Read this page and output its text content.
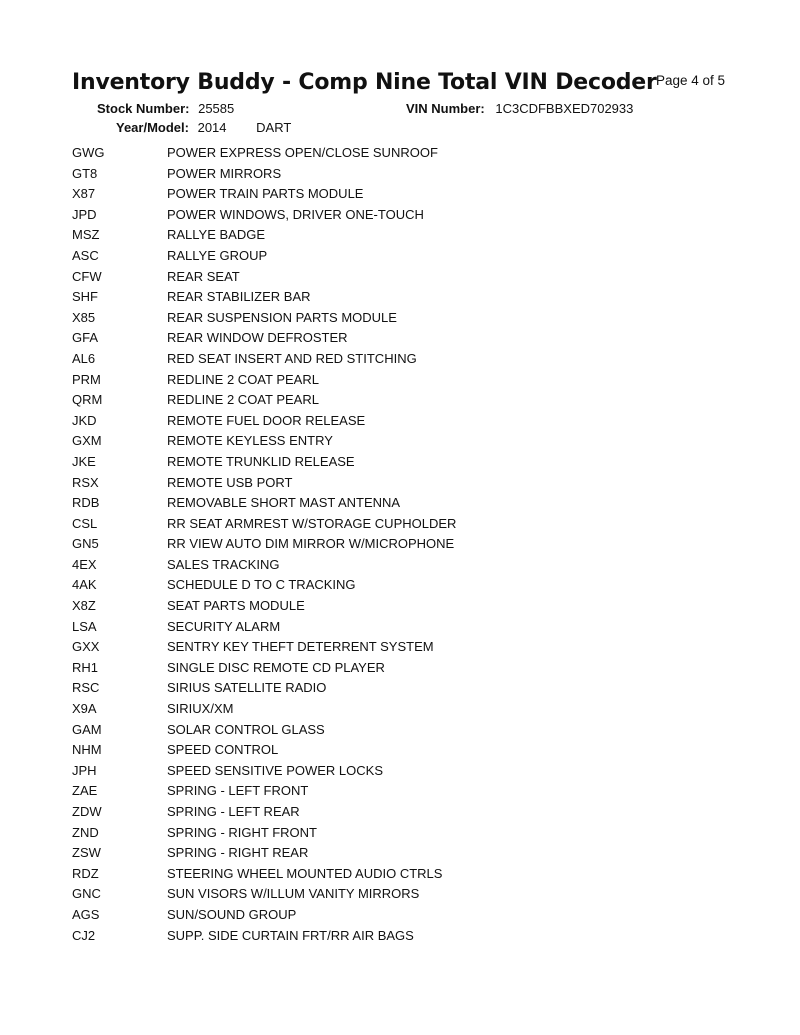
Inventory Buddy - Comp Nine Total VIN Decoder Page 4 of 5
Stock Number: 25585	VIN Number: 1C3CDFBBXED702933
Year/Model: 2014 DART
GWG	POWER EXPRESS OPEN/CLOSE SUNROOF
GT8	POWER MIRRORS
X87	POWER TRAIN PARTS MODULE
JPD	POWER WINDOWS, DRIVER ONE-TOUCH
MSZ	RALLYE BADGE
ASC	RALLYE GROUP
CFW	REAR SEAT
SHF	REAR STABILIZER BAR
X85	REAR SUSPENSION PARTS MODULE
GFA	REAR WINDOW DEFROSTER
AL6	RED SEAT INSERT AND RED STITCHING
PRM	REDLINE 2 COAT PEARL
QRM	REDLINE 2 COAT PEARL
JKD	REMOTE FUEL DOOR RELEASE
GXM	REMOTE KEYLESS ENTRY
JKE	REMOTE TRUNKLID RELEASE
RSX	REMOTE USB PORT
RDB	REMOVABLE SHORT MAST ANTENNA
CSL	RR SEAT ARMREST W/STORAGE CUPHOLDER
GN5	RR VIEW AUTO DIM MIRROR W/MICROPHONE
4EX	SALES TRACKING
4AK	SCHEDULE D TO C TRACKING
X8Z	SEAT PARTS MODULE
LSA	SECURITY ALARM
GXX	SENTRY KEY THEFT DETERRENT SYSTEM
RH1	SINGLE DISC REMOTE CD PLAYER
RSC	SIRIUS SATELLITE RADIO
X9A	SIRIUX/XM
GAM	SOLAR CONTROL GLASS
NHM	SPEED CONTROL
JPH	SPEED SENSITIVE POWER LOCKS
ZAE	SPRING - LEFT FRONT
ZDW	SPRING - LEFT REAR
ZND	SPRING - RIGHT FRONT
ZSW	SPRING - RIGHT REAR
RDZ	STEERING WHEEL MOUNTED AUDIO CTRLS
GNC	SUN VISORS W/ILLUM VANITY MIRRORS
AGS	SUN/SOUND GROUP
CJ2	SUPP. SIDE CURTAIN FRT/RR AIR BAGS
